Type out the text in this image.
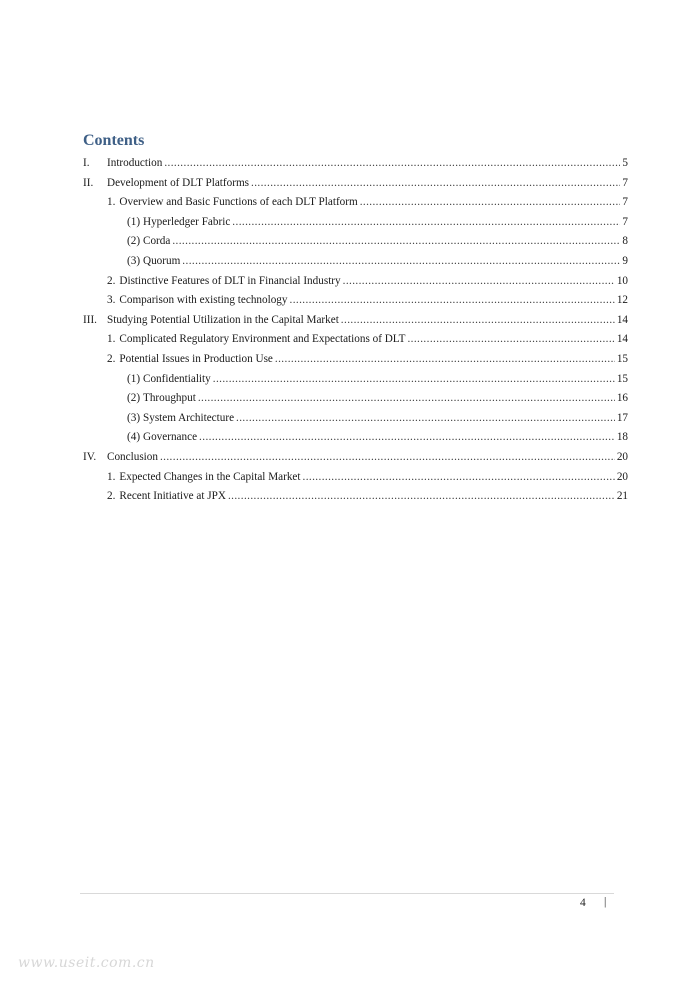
Contents
I.	Introduction .....	5
II.	Development of DLT Platforms .....	7
1. Overview and Basic Functions of each DLT Platform .....	7
(1) Hyperledger Fabric .....	7
(2) Corda .....	8
(3) Quorum .....	9
2. Distinctive Features of DLT in Financial Industry .....	10
3. Comparison with existing technology .....	12
III. Studying Potential Utilization in the Capital Market .....	14
1. Complicated Regulatory Environment and Expectations of DLT .....	14
2. Potential Issues in Production Use .....	15
(1) Confidentiality .....	15
(2) Throughput .....	16
(3) System Architecture .....	17
(4) Governance .....	18
IV. Conclusion .....	20
1. Expected Changes in the Capital Market .....	20
2. Recent Initiative at JPX .....	21
4 |
www.useit.com.cn
